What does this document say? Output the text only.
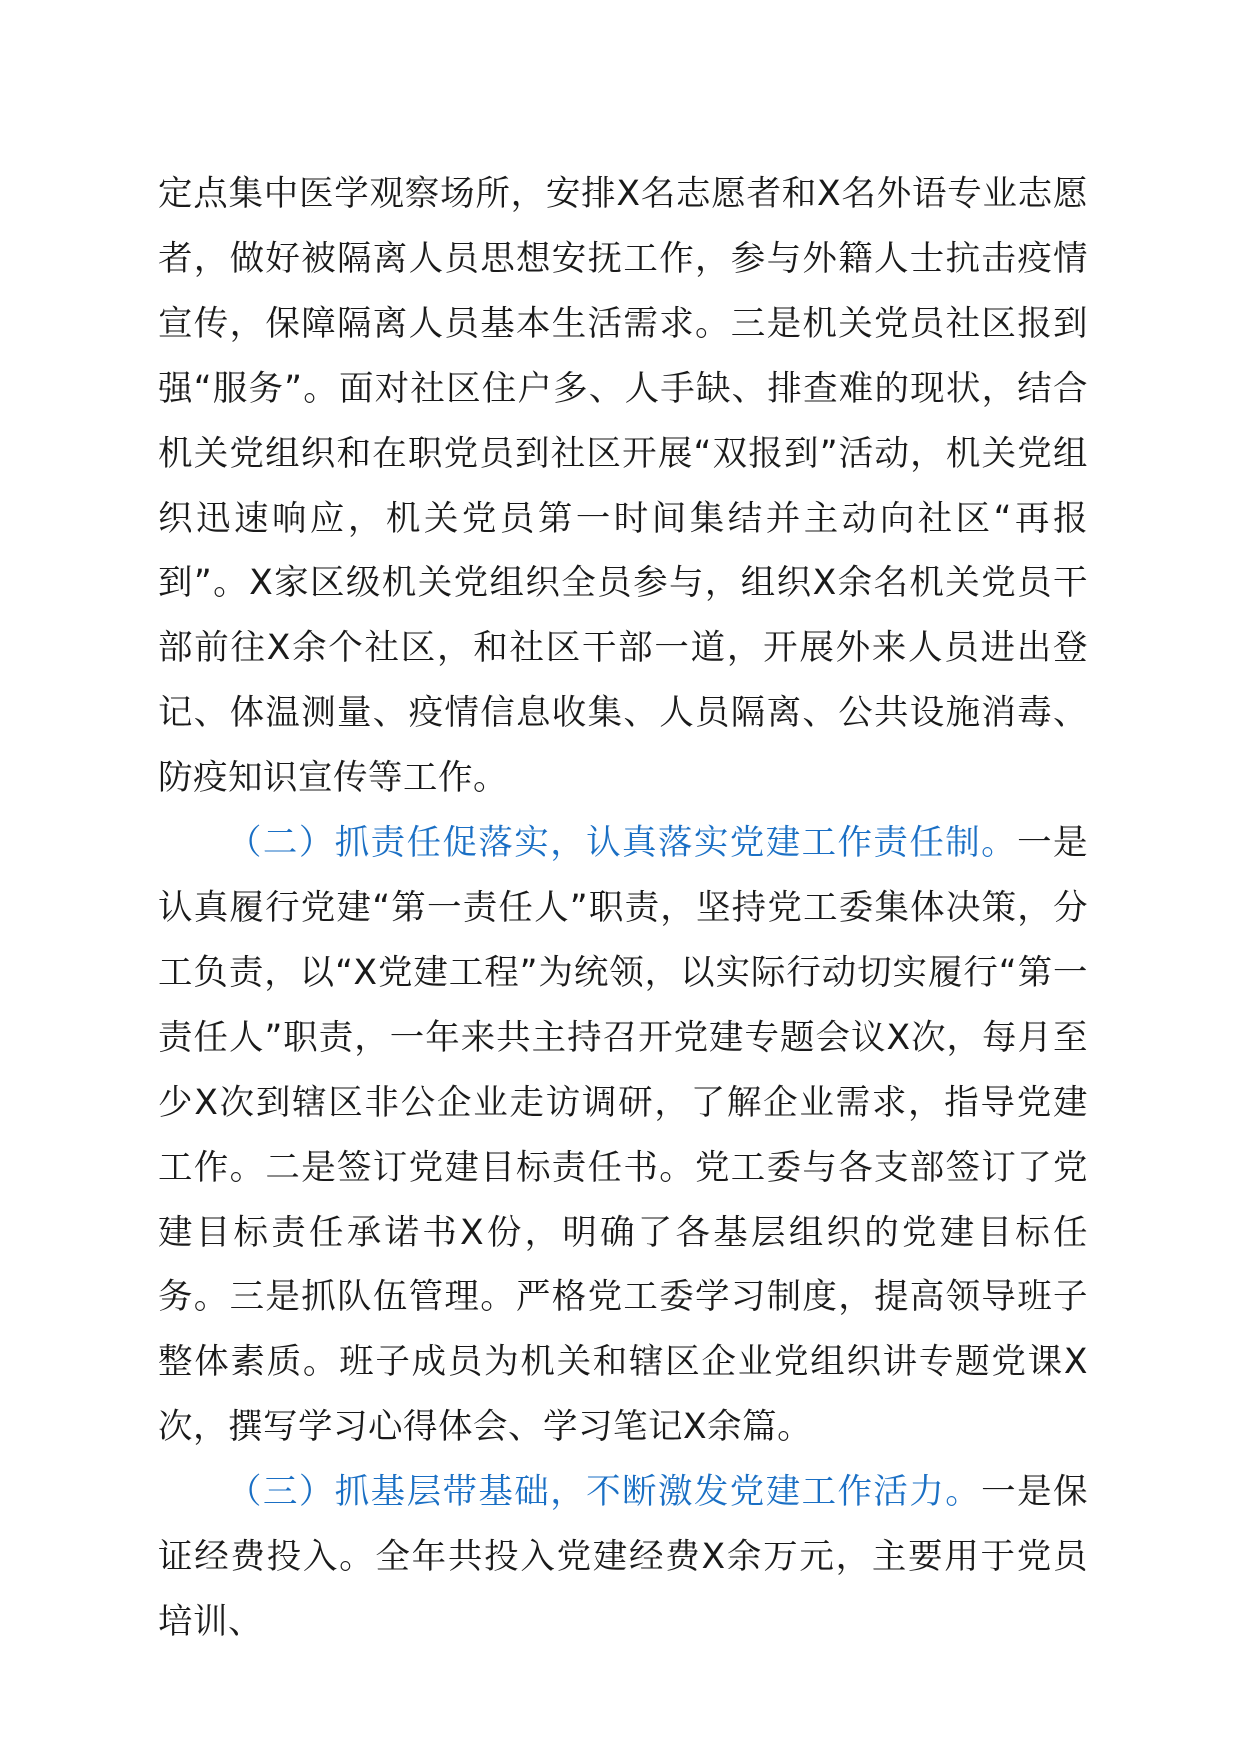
定点集中医学观察场所，安排X名志愿者和X名外语专业志愿者，做好被隔离人员思想安抚工作，参与外籍人士抗击疫情宣传，保障隔离人员基本生活需求。三是机关党员社区报到强“服务”。面对社区住户多、人手缺、排查难的现状，结合机关党组织和在职党员到社区开展“双报到”活动，机关党组织迅速响应，机关党员第一时间集结并主动向社区“再报到”。X家区级机关党组织全员参与，组织X余名机关党员干部前往X余个社区，和社区干部一道，开展外来人员进出登记、体温测量、疫情信息收集、人员隔离、公共设施消毒、防疫知识宣传等工作。

（二）抓责任促落实，认真落实党建工作责任制。一是认真履行党建“第一责任人”职责，坚持党工委集体决策，分工负责，以“X党建工程”为统领，以实际行动切实履行“第一责任人”职责，一年来共主持召开党建专题会议X次，每月至少X次到辖区非公企业走访调研，了解企业需求，指导党建工作。二是签订党建目标责任书。党工委与各支部签订了党建目标责任承诺书X份，明确了各基层组织的党建目标任务。三是抓队伍管理。严格党工委学习制度，提高领导班子整体素质。班子成员为机关和辖区企业党组织讲专题党课X次，撰写学习心得体会、学习笔记X余篇。

（三）抓基层带基础，不断激发党建工作活力。一是保证经费投入。全年共投入党建经费X余万元，主要用于党员培训、
